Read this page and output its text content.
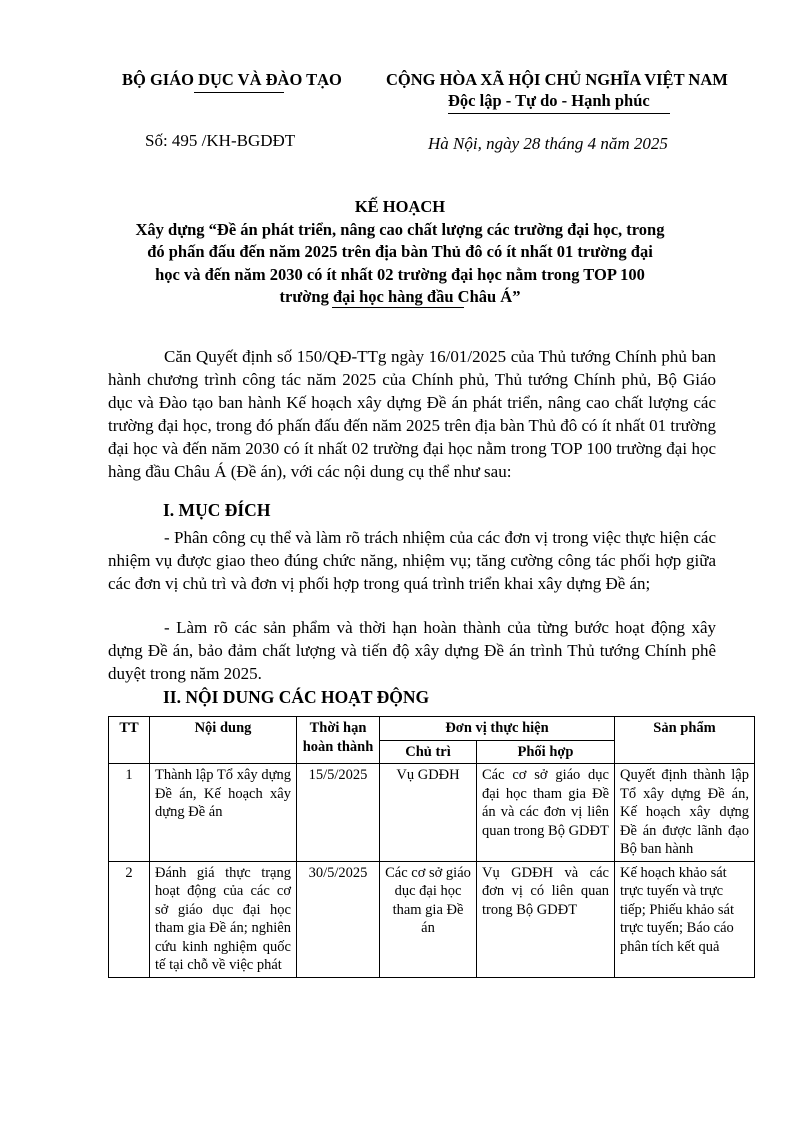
BỘ GIÁO DỤC VÀ ĐÀO TẠO	CỘNG HÒA XÃ HỘI CHỦ NGHĨA VIỆT NAM
Độc lập - Tự do - Hạnh phúc
Số: 495 /KH-BGDĐT	Hà Nội, ngày 28 tháng 4 năm 2025
KẾ HOẠCH
Xây dựng “Đề án phát triển, nâng cao chất lượng các trường đại học, trong
đó phấn đấu đến năm 2025 trên địa bàn Thủ đô có ít nhất 01 trường đại
học và đến năm 2030 có ít nhất 02 trường đại học nằm trong TOP 100
trường đại học hàng đầu Châu Á”
Căn Quyết định số 150/QĐ-TTg ngày 16/01/2025 của Thủ tướng Chính phủ ban hành chương trình công tác năm 2025 của Chính phủ, Thủ tướng Chính phủ, Bộ Giáo dục và Đào tạo ban hành Kế hoạch xây dựng Đề án phát triển, nâng cao chất lượng các trường đại học, trong đó phấn đấu đến năm 2025 trên địa bàn Thủ đô có ít nhất 01 trường đại học và đến năm 2030 có ít nhất 02 trường đại học nằm trong TOP 100 trường đại học hàng đầu Châu Á (Đề án), với các nội dung cụ thể như sau:
I. MỤC ĐÍCH
- Phân công cụ thể và làm rõ trách nhiệm của các đơn vị trong việc thực hiện các nhiệm vụ được giao theo đúng chức năng, nhiệm vụ; tăng cường công tác phối hợp giữa các đơn vị chủ trì và đơn vị phối hợp trong quá trình triển khai xây dựng Đề án;
- Làm rõ các sản phẩm và thời hạn hoàn thành của từng bước hoạt động xây dựng Đề án, bảo đảm chất lượng và tiến độ xây dựng Đề án trình Thủ tướng Chính phê duyệt trong năm 2025.
II. NỘI DUNG CÁC HOẠT ĐỘNG
TT	Nội dung	Thời hạn hoàn thành	Đơn vị thực hiện		Sản phẩm
			Chủ trì	Phối hợp	
1	Thành lập Tổ xây dựng Đề án, Kế hoạch xây dựng Đề án	15/5/2025	Vụ GDĐH	Các cơ sở giáo dục đại học tham gia Đề án và các đơn vị liên quan trong Bộ GDĐT	Quyết định thành lập Tổ xây dựng Đề án, Kế hoạch xây dựng Đề án được lãnh đạo Bộ ban hành
2	Đánh giá thực trạng hoạt động của các cơ sở giáo dục đại học tham gia Đề án; nghiên cứu kinh nghiệm quốc tế tại chỗ về việc phát	30/5/2025	Các cơ sở giáo dục đại học tham gia Đề án	Vụ GDĐH và các đơn vị có liên quan trong Bộ GDĐT	Kế hoạch khảo sát trực tuyến và trực tiếp; Phiếu khảo sát trực tuyến; Báo cáo phân tích kết quả
